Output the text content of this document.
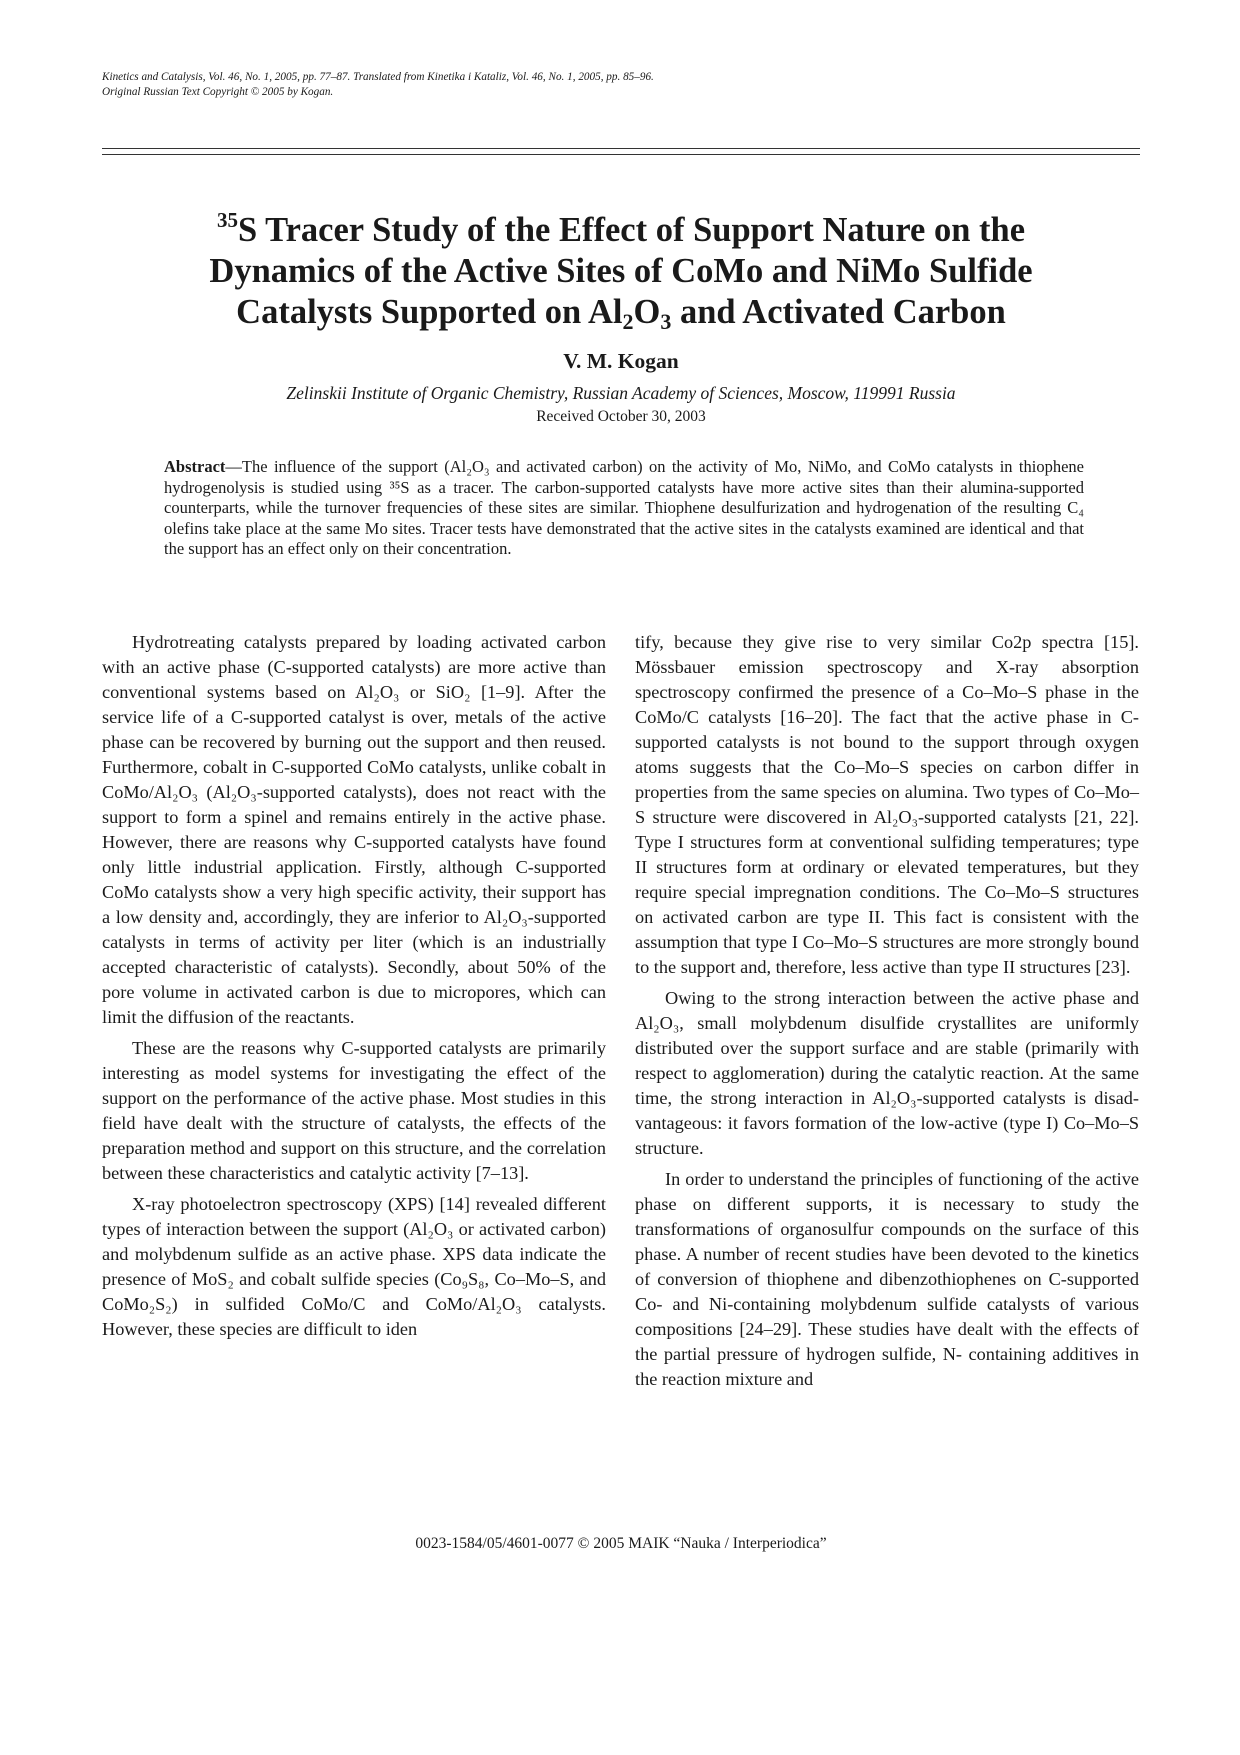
Kinetics and Catalysis, Vol. 46, No. 1, 2005, pp. 77–87. Translated from Kinetika i Kataliz, Vol. 46, No. 1, 2005, pp. 85–96.
Original Russian Text Copyright © 2005 by Kogan.
$^{35}$S Tracer Study of the Effect of Support Nature on the
Dynamics of the Active Sites of CoMo and NiMo Sulfide
Catalysts Supported on $Al_2O_3$ and Activated Carbon
V. M. Kogan
Zelinskii Institute of Organic Chemistry, Russian Academy of Sciences, Moscow, 119991 Russia
Received October 30, 2003
Abstract—The influence of the support (Al₂O₃ and activated carbon) on the activity of Mo, NiMo, and CoMo catalysts in thiophene hydrogenolysis is studied using ³⁵S as a tracer. The carbon-supported catalysts have more active sites than their alumina-supported counterparts, while the turnover frequencies of these sites are similar. Thiophene desulfurization and hydrogenation of the resulting C₄ olefins take place at the same Mo sites. Tracer tests have demonstrated that the active sites in the catalysts examined are identical and that the support has an effect only on their concentration.

Hydrotreating catalysts prepared by loading activated carbon with an active phase (C-supported catalysts) are more active than conventional systems based on Al₂O₃ or SiO₂ [1–9]. After the service life of a C-supported catalyst is over, metals of the active phase can be recovered by burning out the support and then reused. Furthermore, cobalt in C-supported CoMo catalysts, unlike cobalt in CoMo/Al₂O₃ (Al₂O₃-supported catalysts), does not react with the support to form a spinel and remains entirely in the active phase. However, there are reasons why C-supported catalysts have found only little industrial application. Firstly, although C-supported CoMo catalysts show a very high specific activity, their support has a low density and, accordingly, they are inferior to Al₂O₃-supported catalysts in terms of activity per liter (which is an industrially accepted characteristic of catalysts). Secondly, about 50% of the pore volume in activated carbon is due to micropores, which can limit the diffusion of the reactants.

These are the reasons why C-supported catalysts are primarily interesting as model systems for investigating the effect of the support on the performance of the active phase. Most studies in this field have dealt with the structure of catalysts, the effects of the preparation method and support on this structure, and the correlation between these characteristics and catalytic activity [7–13].

X-ray photoelectron spectroscopy (XPS) [14] revealed different types of interaction between the support (Al₂O₃ or activated carbon) and molybdenum sulfide as an active phase. XPS data indicate the presence of MoS₂ and cobalt sulfide species (Co₉S₈, Co–Mo–S, and CoMo₂S₂) in sulfided CoMo/C and CoMo/Al₂O₃ catalysts. However, these species are difficult to iden

tify, because they give rise to very similar Co2p spectra [15]. Mössbauer emission spectroscopy and X-ray absorption spectroscopy confirmed the presence of a Co–Mo–S phase in the CoMo/C catalysts [16–20]. The fact that the active phase in C-supported catalysts is not bound to the support through oxygen atoms suggests that the Co–Mo–S species on carbon differ in properties from the same species on alumina. Two types of Co–Mo–S structure were discovered in Al₂O₃-supported catalysts [21, 22]. Type I structures form at conventional sulfiding temperatures; type II structures form at ordinary or elevated temperatures, but they require special impregnation conditions. The Co–Mo–S structures on activated carbon are type II. This fact is consistent with the assumption that type I Co–Mo–S structures are more strongly bound to the support and, therefore, less active than type II structures [23].

Owing to the strong interaction between the active phase and Al₂O₃, small molybdenum disulfide crystallites are uniformly distributed over the support surface and are stable (primarily with respect to agglomeration) during the catalytic reaction. At the same time, the strong interaction in Al₂O₃-supported catalysts is disadvantageous: it favors formation of the low-active (type I) Co–Mo–S structure.

In order to understand the principles of functioning of the active phase on different supports, it is necessary to study the transformations of organosulfur compounds on the surface of this phase. A number of recent studies have been devoted to the kinetics of conversion of thiophene and dibenzothiophenes on C-supported Co- and Ni-containing molybdenum sulfide catalysts of various compositions [24–29]. These studies have dealt with the effects of the partial pressure of hydrogen sulfide, N- containing additives in the reaction mixture and

0023-1584/05/4601-0077 © 2005 MAIK “Nauka / Interperiodica”
